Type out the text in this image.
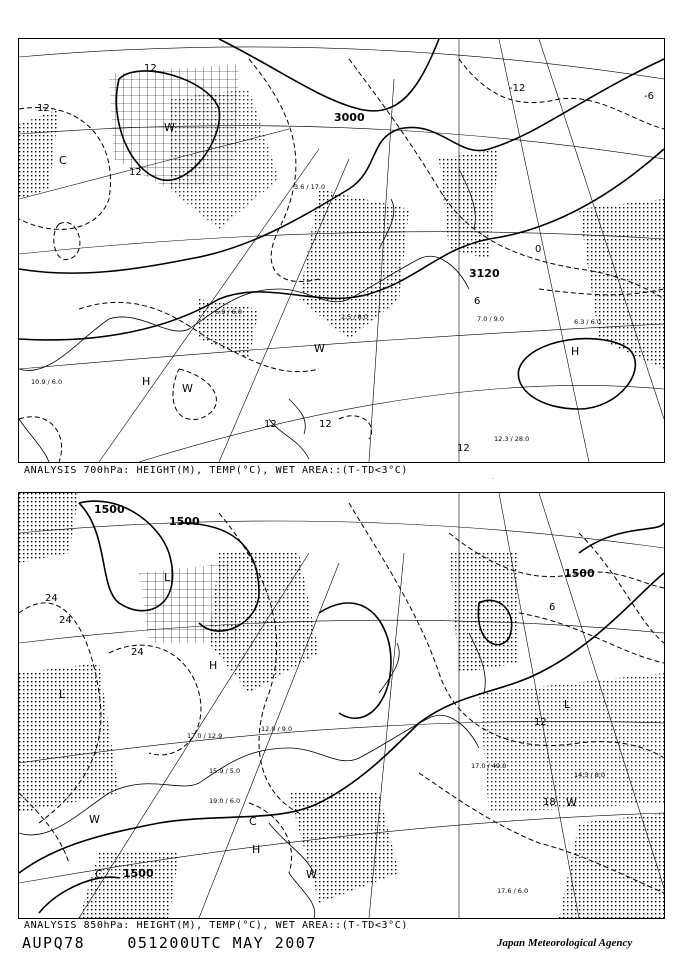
.
3000
3120
12
12
12
12	12
12
0
-6
6
-12
H
H
W
W
W
C
12.3 / 28.0
6.3 / 6.0
7.0 / 9.0
10.9 / 6.0
3.6 / 17.0
2.5 / 8.0
6.9 / 6.0
ANALYSIS 700hPa: HEIGHT(M), TEMP(°C), WET AREA::(T-TD<3°C)
1500
1500
1500
1500
24
24
24
18
12
6
H
H
L
L
L
W
W
W
C
C
17.0 / 49.0
14.3 / 8.0
17.0 / 12.9
15.9 / 5.0
12.0 / 9.0
19.0 / 6.0
17.6 / 6.0
ANALYSIS 850hPa: HEIGHT(M), TEMP(°C), WET AREA::(T-TD<3°C)
AUPQ78	051200UTC MAY 2007	Japan Meteorological Agency
